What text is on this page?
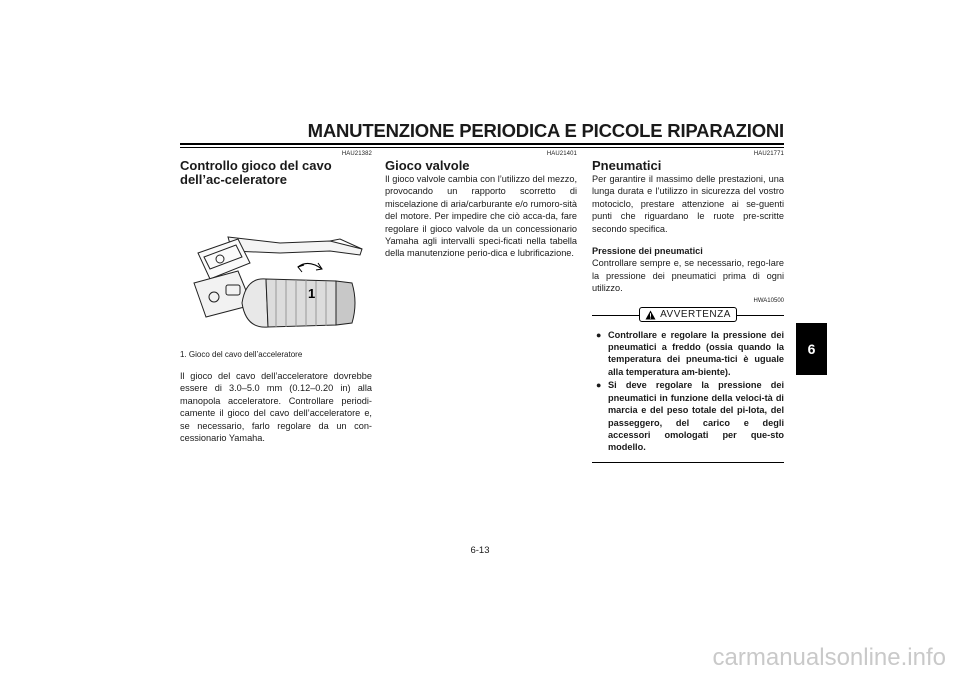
MANUTENZIONE PERIODICA E PICCOLE RIPARAZIONI
HAU21382
Controllo gioco del cavo dell’ac-celeratore
1
1. Gioco del cavo dell’acceleratore

Il gioco del cavo dell’acceleratore dovrebbe essere di 3.0–5.0 mm (0.12–0.20 in) alla manopola acceleratore. Controllare periodi-camente il gioco del cavo dell’acceleratore e, se necessario, farlo regolare da un con-cessionario Yamaha.

HAU21401
Gioco valvole

Il gioco valvole cambia con l’utilizzo del mezzo, provocando un rapporto scorretto di miscelazione di aria/carburante e/o rumoro-sità del motore. Per impedire che ciò acca-da, fare regolare il gioco valvole da un concessionario Yamaha agli intervalli speci-ficati nella tabella della manutenzione perio-dica e lubrificazione.

HAU21771
Pneumatici

Per garantire il massimo delle prestazioni, una lunga durata e l’utilizzo in sicurezza del vostro motociclo, prestare attenzione ai se-guenti punti che riguardano le ruote pre-scritte secondo specifica.

Pressione dei pneumatici

Controllare sempre e, se necessario, rego-lare la pressione dei pneumatici prima di ogni utilizzo.

HWA10500
AVVERTENZA
● Controllare e regolare la pressione dei pneumatici a freddo (ossia quando la temperatura dei pneuma-tici è uguale alla temperatura am-biente).
● Si deve regolare la pressione dei pneumatici in funzione della veloci-tà di marcia e del peso totale del pi-lota, del passeggero, del carico e degli accessori omologati per que-sto modello.
6
6-13
carmanualsonline.info
